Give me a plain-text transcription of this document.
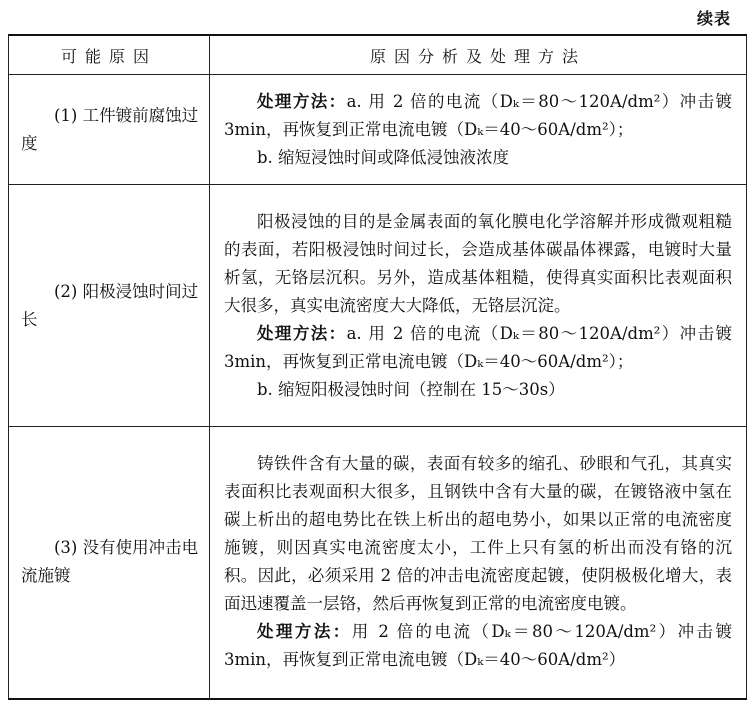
续表
可能原因	原因分析及处理方法

(1) 工件镀前腐蚀过度	处理方法：a. 用 2 倍的电流（Dₖ＝80～120A/dm²）冲击镀 3min，再恢复到正常电流电镀（Dₖ＝40～60A/dm²）；

b. 缩短浸蚀时间或降低浸蚀液浓度

(2) 阳极浸蚀时间过长	阳极浸蚀的目的是金属表面的氧化膜电化学溶解并形成微观粗糙的表面，若阳极浸蚀时间过长，会造成基体碳晶体裸露，电镀时大量析氢，无铬层沉积。另外，造成基体粗糙，使得真实面积比表观面积大很多，真实电流密度大大降低，无铬层沉淀。

处理方法：a. 用 2 倍的电流（Dₖ＝80～120A/dm²）冲击镀 3min，再恢复到正常电流电镀（Dₖ＝40～60A/dm²）；

b. 缩短阳极浸蚀时间（控制在 15～30s）

(3) 没有使用冲击电流施镀	铸铁件含有大量的碳，表面有较多的缩孔、砂眼和气孔，其真实表面积比表观面积大很多，且钢铁中含有大量的碳，在镀铬液中氢在碳上析出的超电势比在铁上析出的超电势小，如果以正常的电流密度施镀，则因真实电流密度太小，工件上只有氢的析出而没有铬的沉积。因此，必须采用 2 倍的冲击电流密度起镀，使阴极极化增大，表面迅速覆盖一层铬，然后再恢复到正常的电流密度电镀。

处理方法：用 2 倍的电流（Dₖ＝80～120A/dm²）冲击镀 3min，再恢复到正常电流电镀（Dₖ＝40～60A/dm²）
